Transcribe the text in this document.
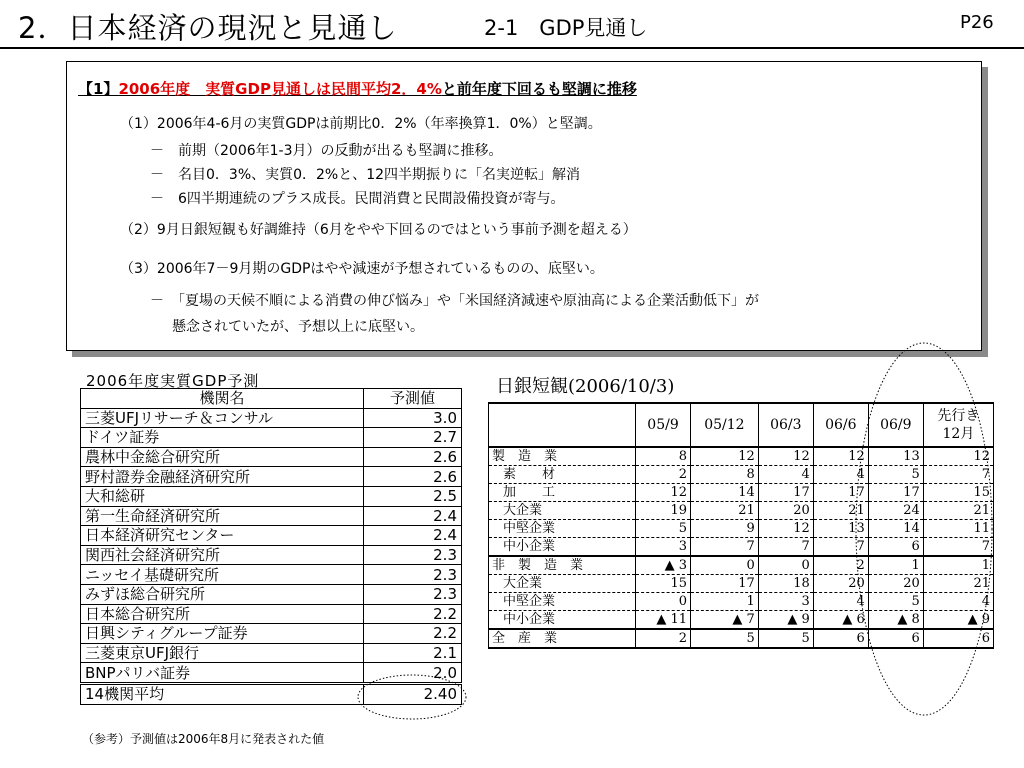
2．日本経済の現況と見通し	2-1　GDP見通し	P26
【1】2006年度　実質GDP見通しは民間平均2．4%と前年度下回るも堅調に推移
（1）2006年4-6月の実質GDPは前期比0．2%（年率換算1．0%）と堅調。
－　前期（2006年1-3月）の反動が出るも堅調に推移。
－　名目0．3%、実質0．2%と、12四半期振りに「名実逆転」解消
－　6四半期連続のプラス成長。民間消費と民間設備投資が寄与。
（2）9月日銀短観も好調維持（6月をやや下回るのではという事前予測を超える）
（3）2006年7－9月期のGDPはやや減速が予想されているものの、底堅い。
－　「夏場の天候不順による消費の伸び悩み」や「米国経済減速や原油高による企業活動低下」が
懸念されていたが、予想以上に底堅い。
2006年度実質GDP予測
機関名	予測値
三菱UFJリサーチ＆コンサル	3.0
ドイツ証券	2.7
農林中金総合研究所	2.6
野村證券金融経済研究所	2.6
大和総研	2.5
第一生命経済研究所	2.4
日本経済研究センター	2.4
関西社会経済研究所	2.3
ニッセイ基礎研究所	2.3
みずほ総合研究所	2.3
日本総合研究所	2.2
日興シティグループ証券	2.2
三菱東京UFJ銀行	2.1
BNPパリバ証券	2.0
14機関平均	2.40
日銀短観(2006/10/3)
	05/9	05/12	06/3	06/6	06/9	先行き
12月

製　造　業	8	12	12	12	13	12
素　　材	2	8	4	4	5	7
加　　工	12	14	17	17	17	15
大企業	19	21	20	21	24	21
中堅企業	5	9	12	13	14	11
中小企業	3	7	7	7	6	7
非　製　造　業	▲ 3	0	0	2	1	1
大企業	15	17	18	20	20	21
中堅企業	0	1	3	4	5	4
中小企業	▲ 11	▲ 7	▲ 9	▲ 6	▲ 8	▲ 9
全　産　業	2	5	5	6	6	6
（参考）予測値は2006年8月に発表された値
